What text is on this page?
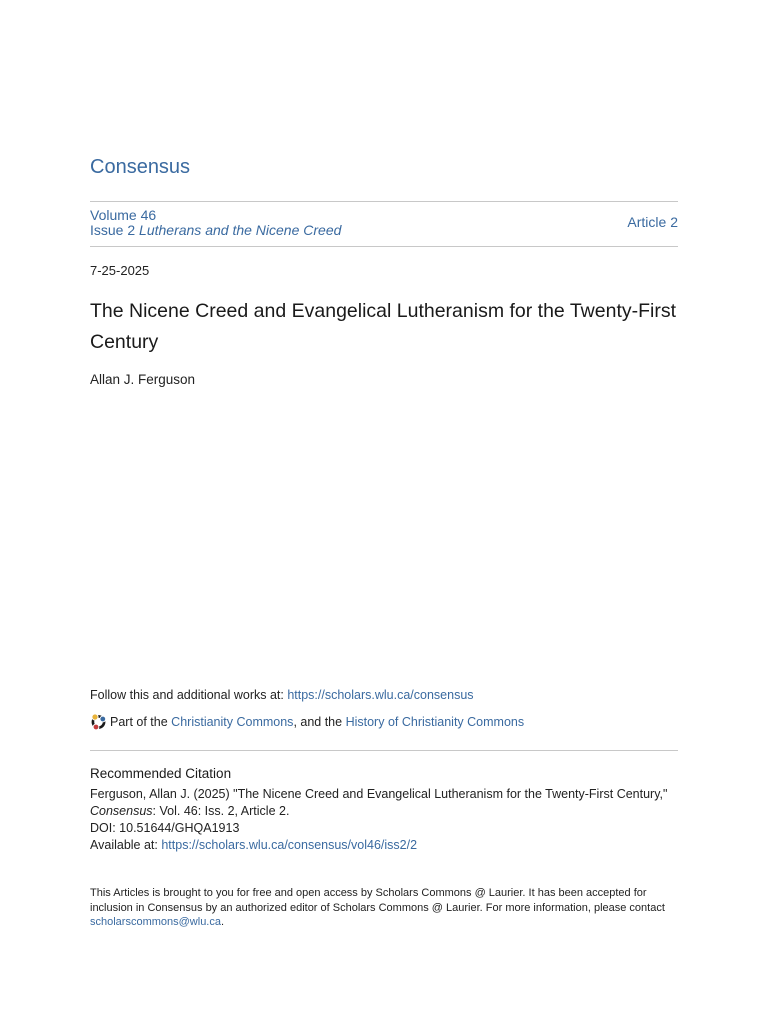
Consensus
Volume 46
Issue 2 Lutherans and the Nicene Creed	Article 2
7-25-2025
The Nicene Creed and Evangelical Lutheranism for the Twenty-First Century
Allan J. Ferguson
Follow this and additional works at: https://scholars.wlu.ca/consensus
Part of the
Christianity Commons , and the
History of Christianity Commons
Recommended Citation
Ferguson, Allan J. (2025) "The Nicene Creed and Evangelical Lutheranism for the Twenty-First Century,"
Consensus: Vol. 46: Iss. 2, Article 2.
DOI: 10.51644/GHQA1913
Available at: https://scholars.wlu.ca/consensus/vol46/iss2/2
This Articles is brought to you for free and open access by Scholars Commons @ Laurier. It has been accepted for inclusion in Consensus by an authorized editor of Scholars Commons @ Laurier. For more information, please contact scholarscommons@wlu.ca.
